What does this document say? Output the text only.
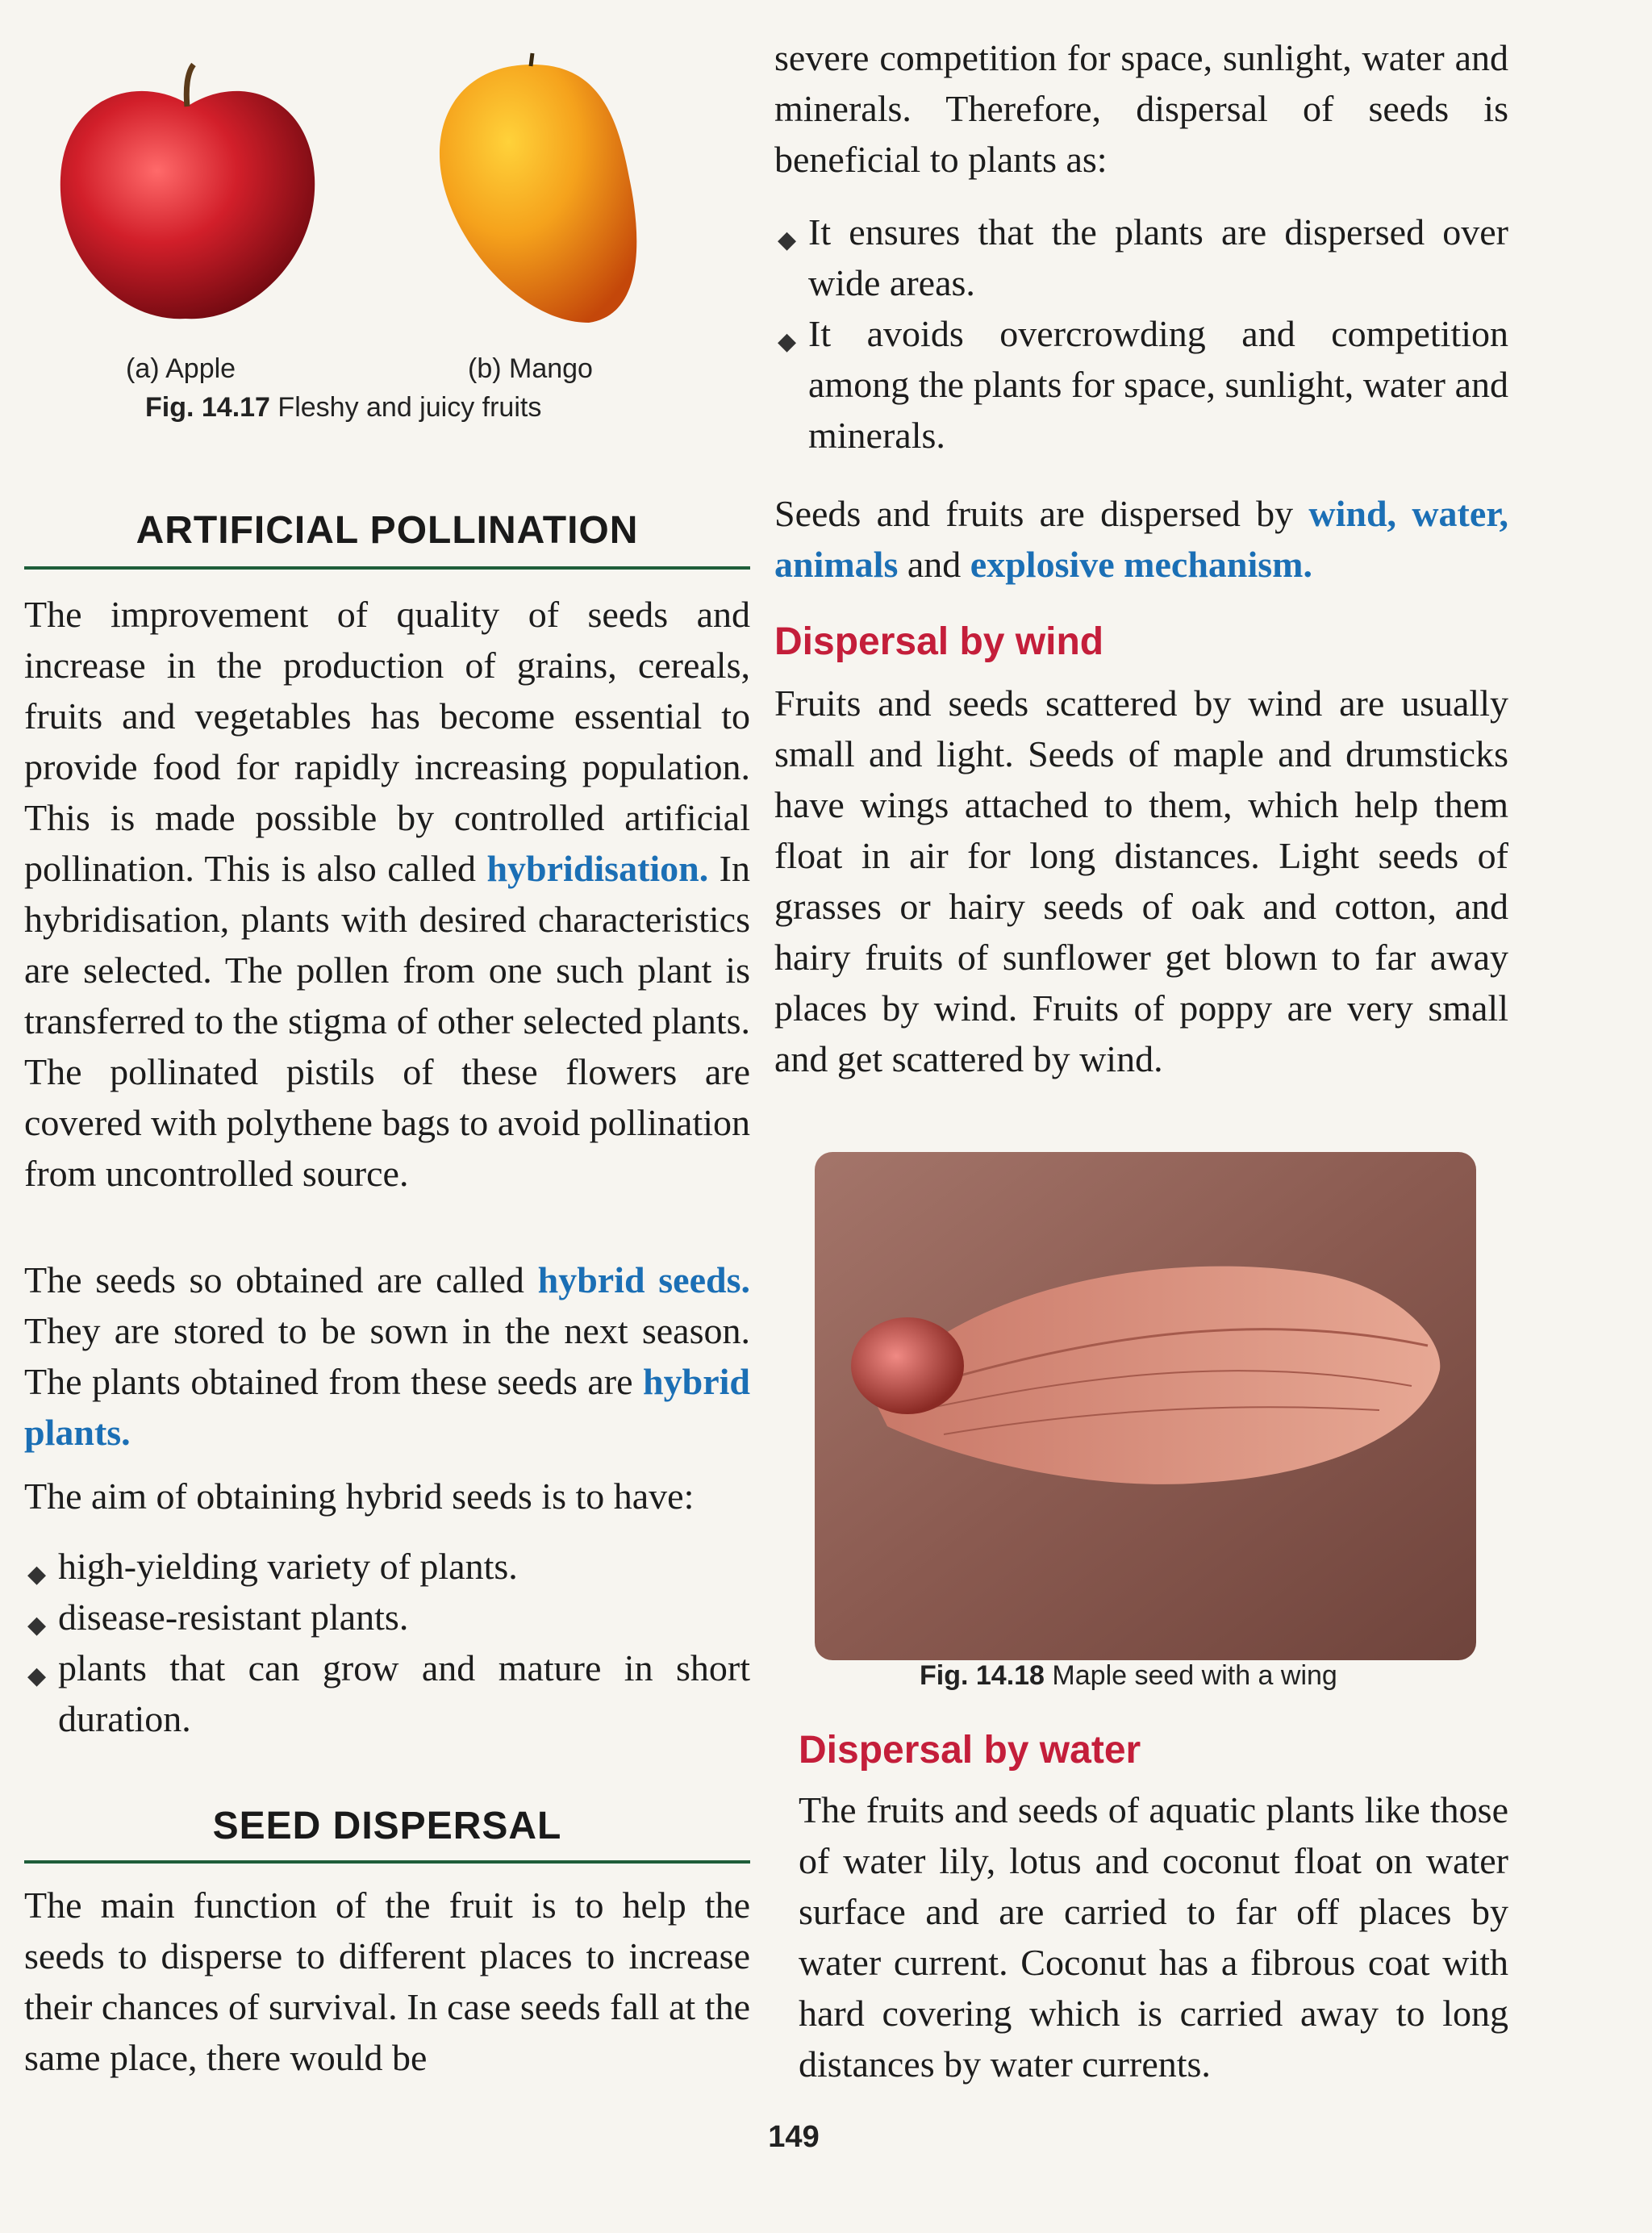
(a) Apple	(b) Mango
Fig. 14.17 Fleshy and juicy fruits
ARTIFICIAL POLLINATION

The improvement of quality of seeds and increase in the production of grains, cereals, fruits and vegetables has become essential to provide food for rapidly increasing population. This is made possible by controlled artificial pollination. This is also called hybridisation. In hybridisation, plants with desired characteristics are selected. The pollen from one such plant is transferred to the stigma of other selected plants. The pollinated pistils of these flowers are covered with polythene bags to avoid pollination from uncontrolled source.

The seeds so obtained are called hybrid seeds. They are stored to be sown in the next season. The plants obtained from these seeds are hybrid plants.

The aim of obtaining hybrid seeds is to have:

◆ high-yielding variety of plants.
◆ disease-resistant plants.
◆ plants that can grow and mature in short duration.
SEED DISPERSAL

The main function of the fruit is to help the seeds to disperse to different places to increase their chances of survival. In case seeds fall at the same place, there would be

severe competition for space, sunlight, water and minerals. Therefore, dispersal of seeds is beneficial to plants as:

◆ It ensures that the plants are dispersed over wide areas.
◆ It avoids overcrowding and competition among the plants for space, sunlight, water and minerals.

Seeds and fruits are dispersed by wind, water, animals and explosive mechanism.

Dispersal by wind

Fruits and seeds scattered by wind are usually small and light. Seeds of maple and drumsticks have wings attached to them, which help them float in air for long distances. Light seeds of grasses or hairy seeds of oak and cotton, and hairy fruits of sunflower get blown to far away places by wind. Fruits of poppy are very small and get scattered by wind.

Fig. 14.18 Maple seed with a wing
Dispersal by water

The fruits and seeds of aquatic plants like those of water lily, lotus and coconut float on water surface and are carried to far off places by water current. Coconut has a fibrous coat with hard covering which is carried away to long distances by water currents.

149
